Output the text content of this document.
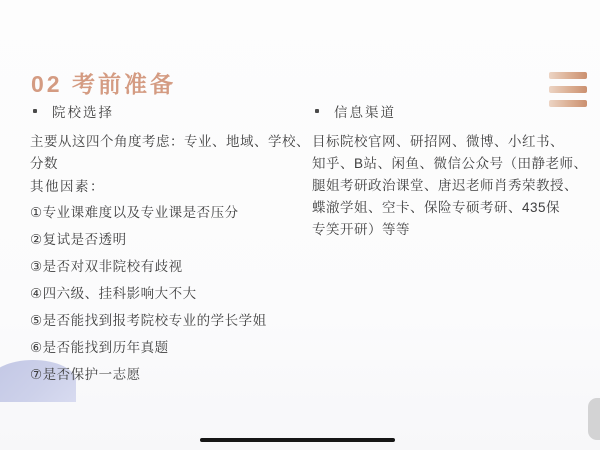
02 考前准备
院校选择
主要从这四个角度考虑：专业、地域、学校、
分数
其他因素：
①专业课难度以及专业课是否压分
②复试是否透明
③是否对双非院校有歧视
④四六级、挂科影响大不大
⑤是否能找到报考院校专业的学长学姐
⑥是否能找到历年真题
⑦是否保护一志愿
信息渠道
目标院校官网、研招网、微博、小红书、
知乎、B站、闲鱼、微信公众号（田静老师、
腿姐考研政治课堂、唐迟老师肖秀荣教授、
蝶澈学姐、空卡、保险专硕考研、435保
专笑开研）等等
